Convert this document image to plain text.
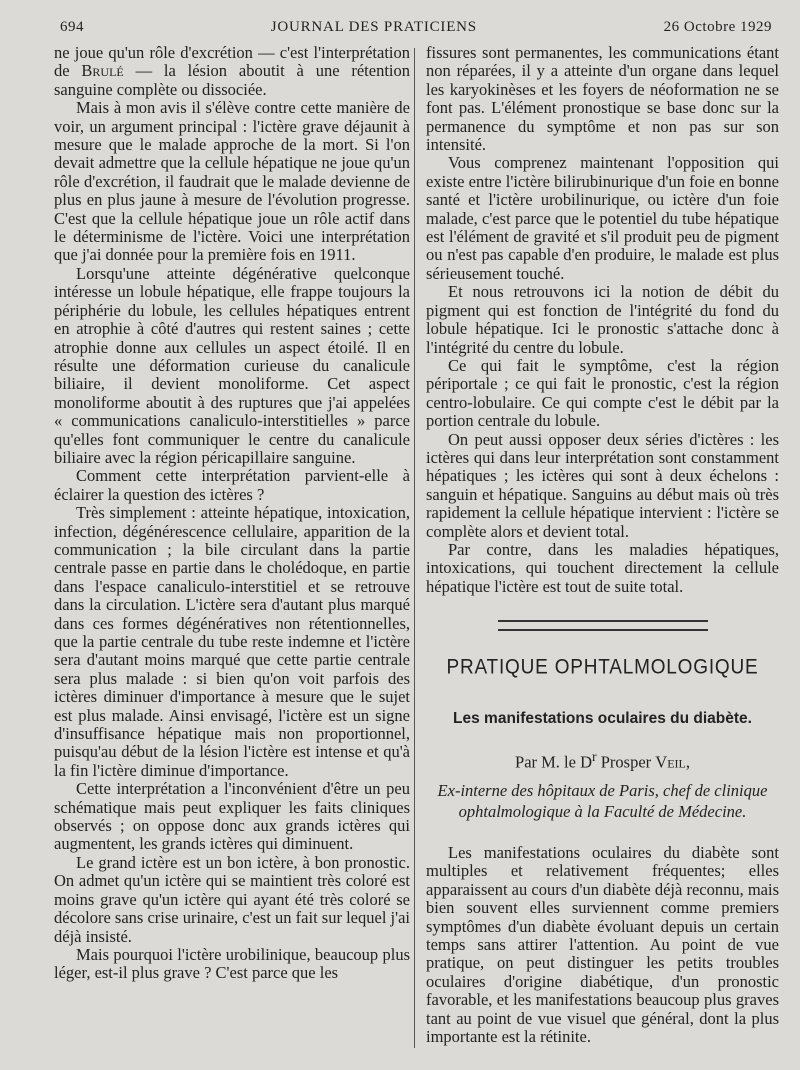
694	JOURNAL DES PRATICIENS	26 Octobre 1929

ne joue qu'un rôle d'excrétion — c'est l'interprétation de Brulé — la lésion aboutit à une rétention sanguine complète ou dissociée.

Mais à mon avis il s'élève contre cette manière de voir, un argument principal : l'ictère grave déjaunit à mesure que le malade approche de la mort. Si l'on devait admettre que la cellule hépatique ne joue qu'un rôle d'excrétion, il faudrait que le malade devienne de plus en plus jaune à mesure de l'évolution progresse. C'est que la cellule hépatique joue un rôle actif dans le déterminisme de l'ictère. Voici une interprétation que j'ai donnée pour la première fois en 1911.

Lorsqu'une atteinte dégénérative quelconque intéresse un lobule hépatique, elle frappe toujours la périphérie du lobule, les cellules hépatiques entrent en atrophie à côté d'autres qui restent saines ; cette atrophie donne aux cellules un aspect étoilé. Il en résulte une déformation curieuse du canalicule biliaire, il devient monoliforme. Cet aspect monoliforme aboutit à des ruptures que j'ai appelées « communications canaliculo-interstitielles » parce qu'elles font communiquer le centre du canalicule biliaire avec la région péricapillaire sanguine.

Comment cette interprétation parvient-elle à éclairer la question des ictères ?

Très simplement : atteinte hépatique, intoxication, infection, dégénérescence cellulaire, apparition de la communication ; la bile circulant dans la partie centrale passe en partie dans le cholédoque, en partie dans l'espace canaliculo-interstitiel et se retrouve dans la circulation. L'ictère sera d'autant plus marqué dans ces formes dégénératives non rétentionnelles, que la partie centrale du tube reste indemne et l'ictère sera d'autant moins marqué que cette partie centrale sera plus malade : si bien qu'on voit parfois des ictères diminuer d'importance à mesure que le sujet est plus malade. Ainsi envisagé, l'ictère est un signe d'insuffisance hépatique mais non proportionnel, puisqu'au début de la lésion l'ictère est intense et qu'à la fin l'ictère diminue d'importance.

Cette interprétation a l'inconvénient d'être un peu schématique mais peut expliquer les faits cliniques observés ; on oppose donc aux grands ictères qui augmentent, les grands ictères qui diminuent.

Le grand ictère est un bon ictère, à bon pronostic. On admet qu'un ictère qui se maintient très coloré est moins grave qu'un ictère qui ayant été très coloré se décolore sans crise urinaire, c'est un fait sur lequel j'ai déjà insisté.

Mais pourquoi l'ictère urobilinique, beaucoup plus léger, est-il plus grave ? C'est parce que les

fissures sont permanentes, les communications étant non réparées, il y a atteinte d'un organe dans lequel les karyokinèses et les foyers de néoformation ne se font pas. L'élément pronostique se base donc sur la permanence du symptôme et non pas sur son intensité.

Vous comprenez maintenant l'opposition qui existe entre l'ictère bilirubinurique d'un foie en bonne santé et l'ictère urobilinurique, ou ictère d'un foie malade, c'est parce que le potentiel du tube hépatique est l'élément de gravité et s'il produit peu de pigment ou n'est pas capable d'en produire, le malade est plus sérieusement touché.

Et nous retrouvons ici la notion de débit du pigment qui est fonction de l'intégrité du fond du lobule hépatique. Ici le pronostic s'attache donc à l'intégrité du centre du lobule.

Ce qui fait le symptôme, c'est la région périportale ; ce qui fait le pronostic, c'est la région centro-lobulaire. Ce qui compte c'est le débit par la portion centrale du lobule.

On peut aussi opposer deux séries d'ictères : les ictères qui dans leur interprétation sont constamment hépatiques ; les ictères qui sont à deux échelons : sanguin et hépatique. Sanguins au début mais où très rapidement la cellule hépatique intervient : l'ictère se complète alors et devient total.

Par contre, dans les maladies hépatiques, intoxications, qui touchent directement la cellule hépatique l'ictère est tout de suite total.

PRATIQUE OPHTALMOLOGIQUE
Les manifestations oculaires du diabète.
Par M. le $D^r$ Prosper Veil,
Ex-interne des hôpitaux de Paris, chef de clinique ophtalmologique à la Faculté de Médecine.

Les manifestations oculaires du diabète sont multiples et relativement fréquentes; elles apparaissent au cours d'un diabète déjà reconnu, mais bien souvent elles surviennent comme premiers symptômes d'un diabète évoluant depuis un certain temps sans attirer l'attention. Au point de vue pratique, on peut distinguer les petits troubles oculaires d'origine diabétique, d'un pronostic favorable, et les manifestations beaucoup plus graves tant au point de vue visuel que général, dont la plus importante est la rétinite.
